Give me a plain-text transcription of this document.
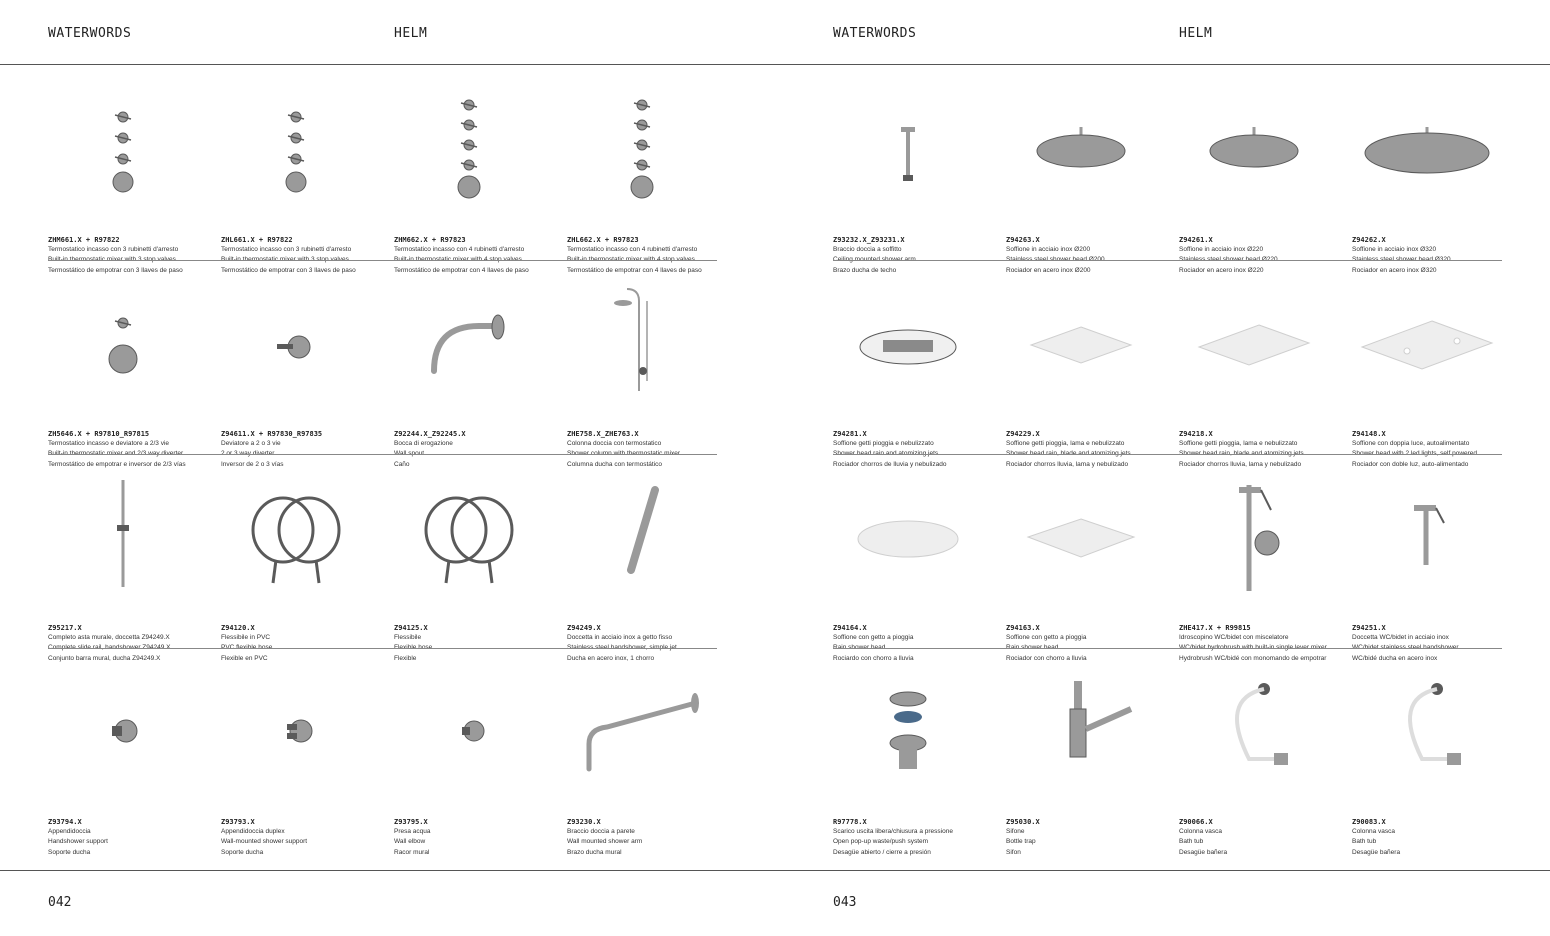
WATERWORDS	HELM	WATERWORDS	HELM
ZHM661.X + R97822
Termostatico incasso con 3 rubinetti d'arresto
Termostático de empotrar con 3 llaves de paso
ZHL661.X + R97822
Termostatico incasso con 3 rubinetti d'arresto
Termostático de empotrar con 3 llaves de paso
ZHM662.X + R97823
Termostatico incasso con 4 rubinetti d'arresto
Termostático de empotrar con 4 llaves de paso
ZHL662.X + R97823
Termostatico incasso con 4 rubinetti d'arresto
Termostático de empotrar con 4 llaves de paso
ZH5646.X + R97810_R97815
Termostatico incasso e deviatore a 2/3 vie
Termostático de empotrar e inversor de 2/3 vías
Z94611.X + R97830_R97835
Deviatore a 2 o 3 vie
Inversor de 2 o 3 vías
Z92244.X_Z92245.X
Bocca di erogazione
Caño
ZHE758.X_ZHE763.X
Colonna doccia con termostatico
Columna ducha con termostático
Z95217.X
Completo asta murale, doccetta Z94249.X
Conjunto barra mural, ducha Z94249.X
Z94120.X
Flessibile in PVC
Flexible en PVC
Z94125.X
Flessibile
Flexible
Z94249.X
Doccetta in acciaio inox a getto fisso
Ducha en acero inox, 1 chorro
Z93794.X
Appendidoccia
Handshower support
Soporte ducha
Z93793.X
Appendidoccia duplex
Wall-mounted shower support
Soporte ducha
Z93795.X
Presa acqua
Wall elbow
Racor mural
Z93230.X
Braccio doccia a parete
Wall mounted shower arm
Brazo ducha mural
Z93232.X_Z93231.X
Braccio doccia a soffitto
Brazo ducha de techo
Z94263.X
Soffione in acciaio inox Ø200
Rociador en acero inox Ø200
Z94261.X
Soffione in acciaio inox Ø220
Rociador en acero inox Ø220
Z94262.X
Soffione in acciaio inox Ø320
Rociador en acero inox Ø320
Z94281.X
Soffione getti pioggia e nebulizzato
Rociador chorros de lluvia y nebulizado
Z94229.X
Soffione getti pioggia, lama e nebulizzato
Rociador chorros lluvia, lama y nebulizado
Z94218.X
Soffione getti pioggia, lama e nebulizzato
Rociador chorros lluvia, lama y nebulizado
Z94148.X
Soffione con doppia luce, autoalimentato
Rociador con doble luz, auto-alimentado
Z94164.X
Soffione con getto a pioggia
Rociardo con chorro a lluvia
Z94163.X
Soffione con getto a pioggia
Rociador con chorro a lluvia
ZHE417.X + R99815
Idroscopino WC/bidet con miscelatore
Hydrobrush WC/bidé con monomando de empotrar
Z94251.X
Doccetta WC/bidet in acciaio inox
WC/bidé ducha en acero inox
R97778.X
Scarico uscita libera/chiusura a pressione
Open pop-up waste/push system
Desagüe abierto / cierre a presión
Z95030.X
Sifone
Bottle trap
Sifon
Z90066.X
Colonna vasca
Bath tub
Desagüe bañera
Z90083.X
Colonna vasca
Bath tub
Desagüe bañera
042	043
